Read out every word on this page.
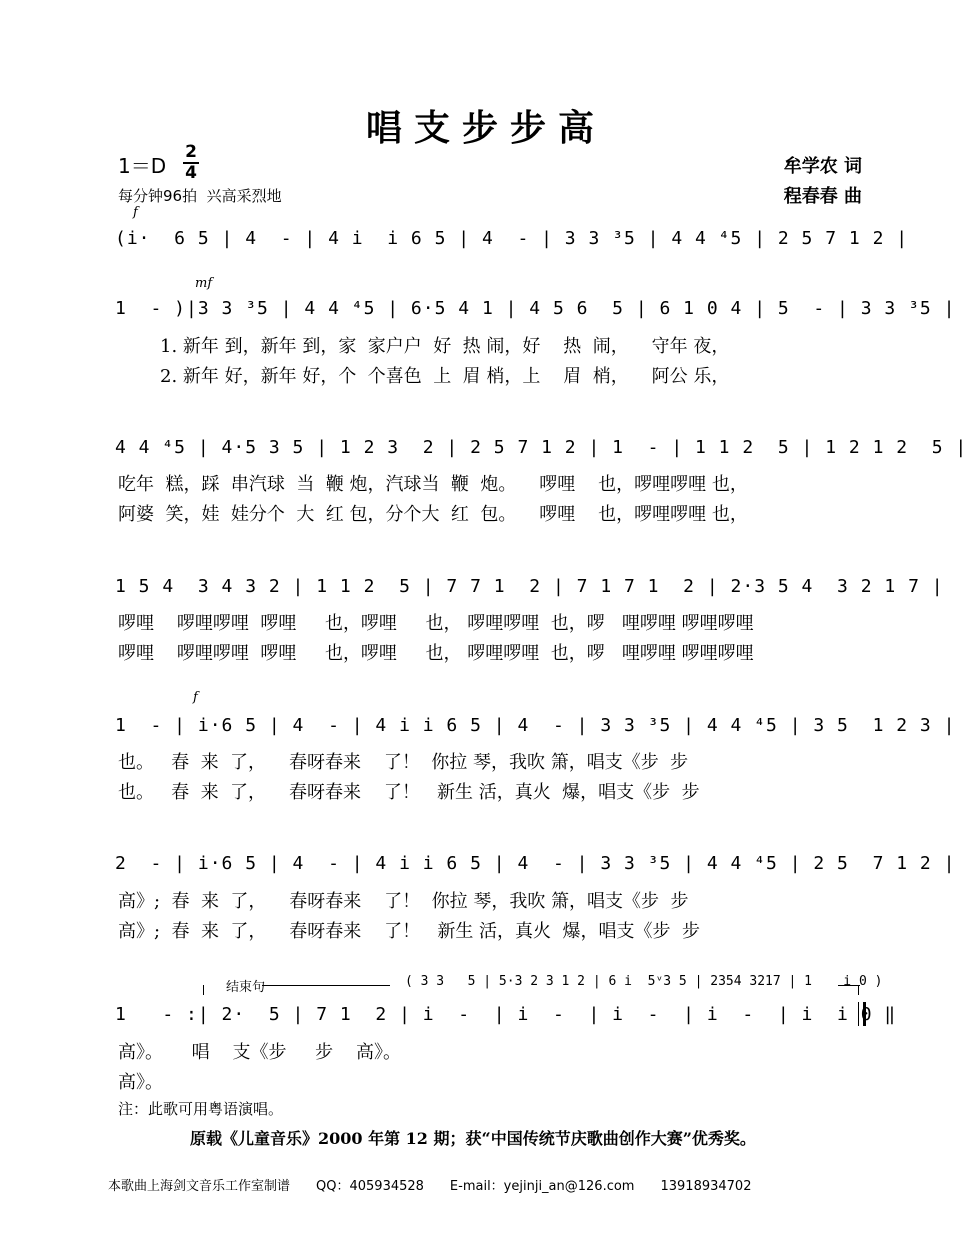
唱支步步高
1＝D
2
4
每分钟96拍  兴高采烈地
牟学农 词
程春春 曲
f
mf
f
(i·  6 5 | 4  - | 4 i  i 6 5 | 4  - | 3 3 ³5 | 4 4 ⁴5 | 2 5 7 1 2 |
1  - )|3 3 ³5 | 4 4 ⁴5 | 6·5 4 1 | 4 5 6  5 | 6 1 0 4 | 5  - | 3 3 ³5 |
1. 新年 到，新年 到，家  家户户  好  热 闹，好    热  闹，    守年 夜，
2. 新年 好，新年 好，个  个喜色  上  眉 梢，上    眉  梢，    阿公 乐，
4 4 ⁴5 | 4·5 3 5 | 1 2 3  2 | 2 5 7 1 2 | 1  - | 1 1 2  5 | 1 2 1 2  5 |
吃年  糕，踩  串汽球  当  鞭 炮，汽球当  鞭  炮。    啰哩    也，啰哩啰哩 也，
阿婆  笑，娃  娃分个  大  红 包，分个大  红  包。    啰哩    也，啰哩啰哩 也，
1 5 4  3 4 3 2 | 1 1 2  5 | 7 7 1  2 | 7 1 7 1  2 | 2·3 5 4  3 2 1 7 |
啰哩    啰哩啰哩  啰哩     也，啰哩     也， 啰哩啰哩  也，啰   哩啰哩 啰哩啰哩
啰哩    啰哩啰哩  啰哩     也，啰哩     也， 啰哩啰哩  也，啰   哩啰哩 啰哩啰哩
1  - | i·6 5 | 4  - | 4 i i 6 5 | 4  - | 3 3 ³5 | 4 4 ⁴5 | 3 5  1 2 3 |
也。   春  来  了，    春呀春来    了！  你拉 琴，我吹 箫，唱支《步  步
也。   春  来  了，    春呀春来    了！   新生 活，真火  爆，唱支《步  步
2  - | i·6 5 | 4  - | 4 i i 6 5 | 4  - | 3 3 ³5 | 4 4 ⁴5 | 2 5  7 1 2 |
高》;  春  来  了，    春呀春来    了！  你拉 琴，我吹 箫，唱支《步  步
高》;  春  来  了，    春呀春来    了！   新生 活，真火  爆，唱支《步  步
结束句	( 3 3   5 | 5·3 2 3 1 2 | 6 i  5ᵛ3 5 | 2354 3217 | 1    i 0 )
1   - :| 2·  5 | 7 1  2 | i  -  | i  -  | i  -  | i  -  | i  i 0 ‖
高》。     唱    支《步     步    高》。
高》。
注：此歌可用粤语演唱。
原载《儿童音乐》2000 年第 12 期；获“中国传统节庆歌曲创作大赛”优秀奖。
本歌曲上海剑文音乐工作室制谱 QQ：405934528 E-mail：yejinji_an@126.com 13918934702
